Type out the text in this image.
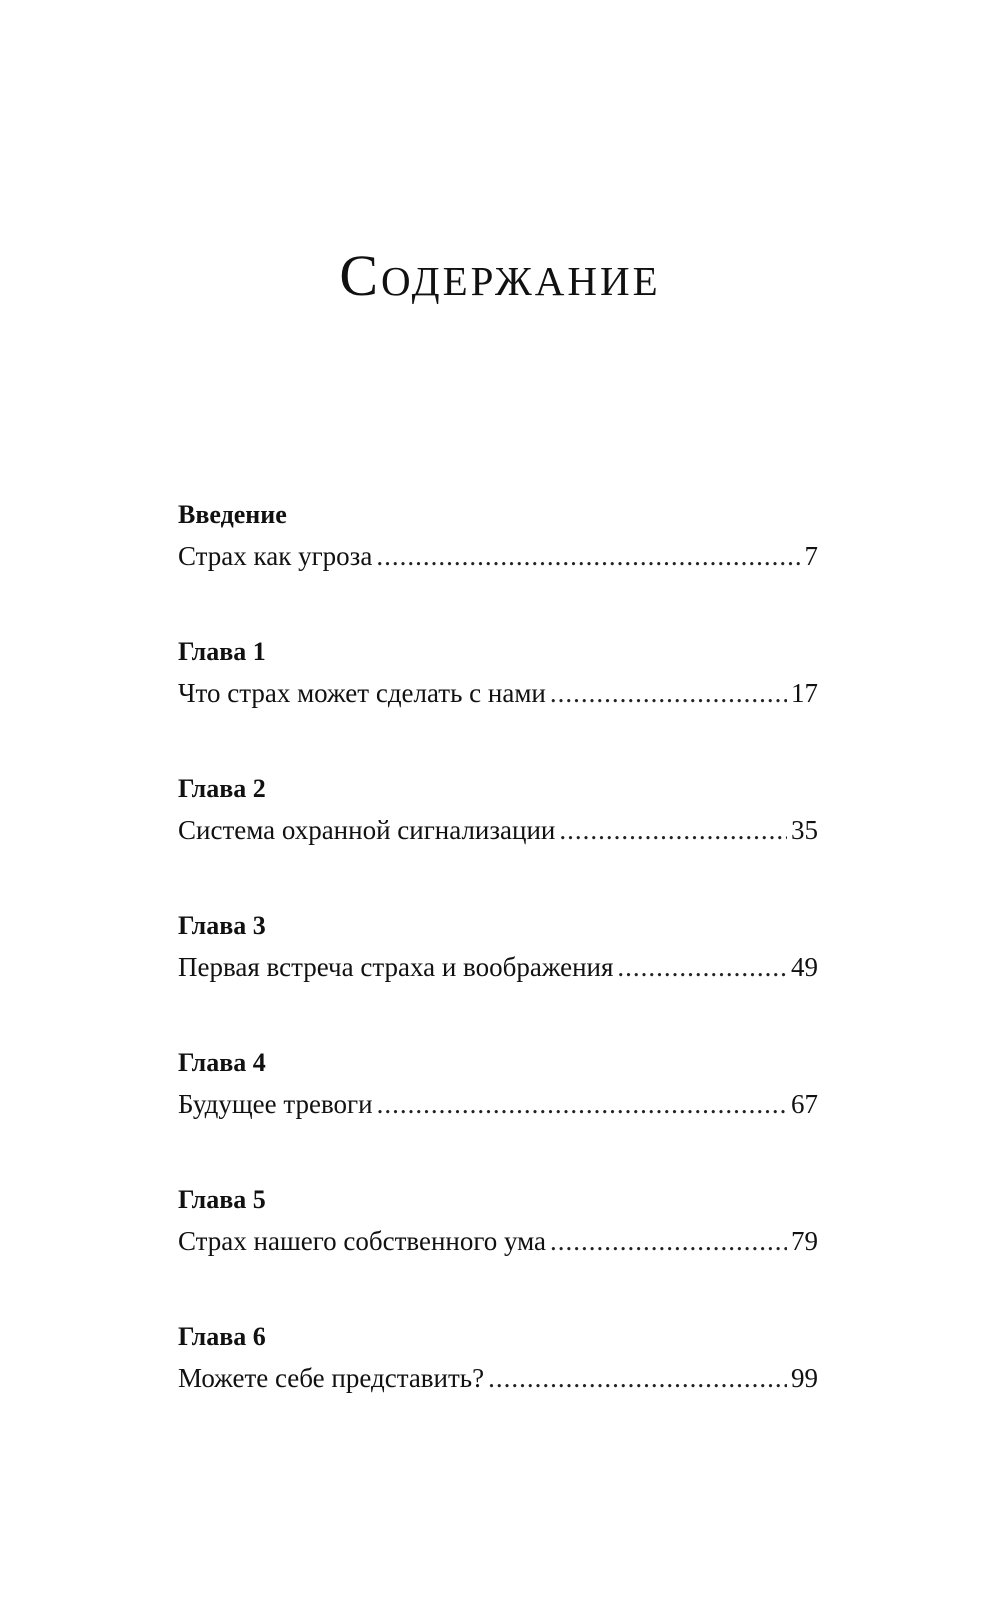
Содержание
Введение
Страх как угроза .....	7
Глава 1
Что страх может сделать с нами .....	17
Глава 2
Система охранной сигнализации .....	35
Глава 3
Первая встреча страха и воображения .....	49
Глава 4
Будущее тревоги .....	67
Глава 5
Страх нашего собственного ума .....	79
Глава 6
Можете себе представить? .....	99
